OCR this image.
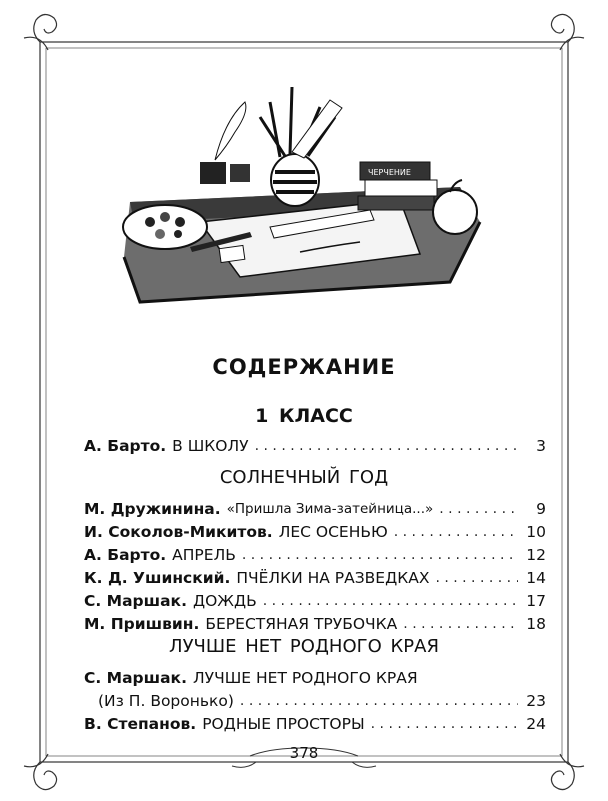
ЧЕРЧЕНИЕ
СОДЕРЖАНИЕ
1 КЛАСС
А. Барто. В ШКОЛУ . . .	3
СОЛНЕЧНЫЙ ГОД
М. Дружинина. «Пришла Зима-затейница...» . . .	9
И. Соколов-Микитов. ЛЕС ОСЕНЬЮ . . .	10
А. Барто. АПРЕЛЬ . . .	12
К. Д. Ушинский. ПЧЁЛКИ НА РАЗВЕДКАХ . . .	14
С. Маршак. ДОЖДЬ . . .	17
М. Пришвин. БЕРЕСТЯНАЯ ТРУБОЧКА . . .	18
ЛУЧШЕ НЕТ РОДНОГО КРАЯ
С. Маршак. ЛУЧШЕ НЕТ РОДНОГО КРАЯ
(Из П. Воронько) . . .	23
В. Степанов. РОДНЫЕ ПРОСТОРЫ . . .	24
378
